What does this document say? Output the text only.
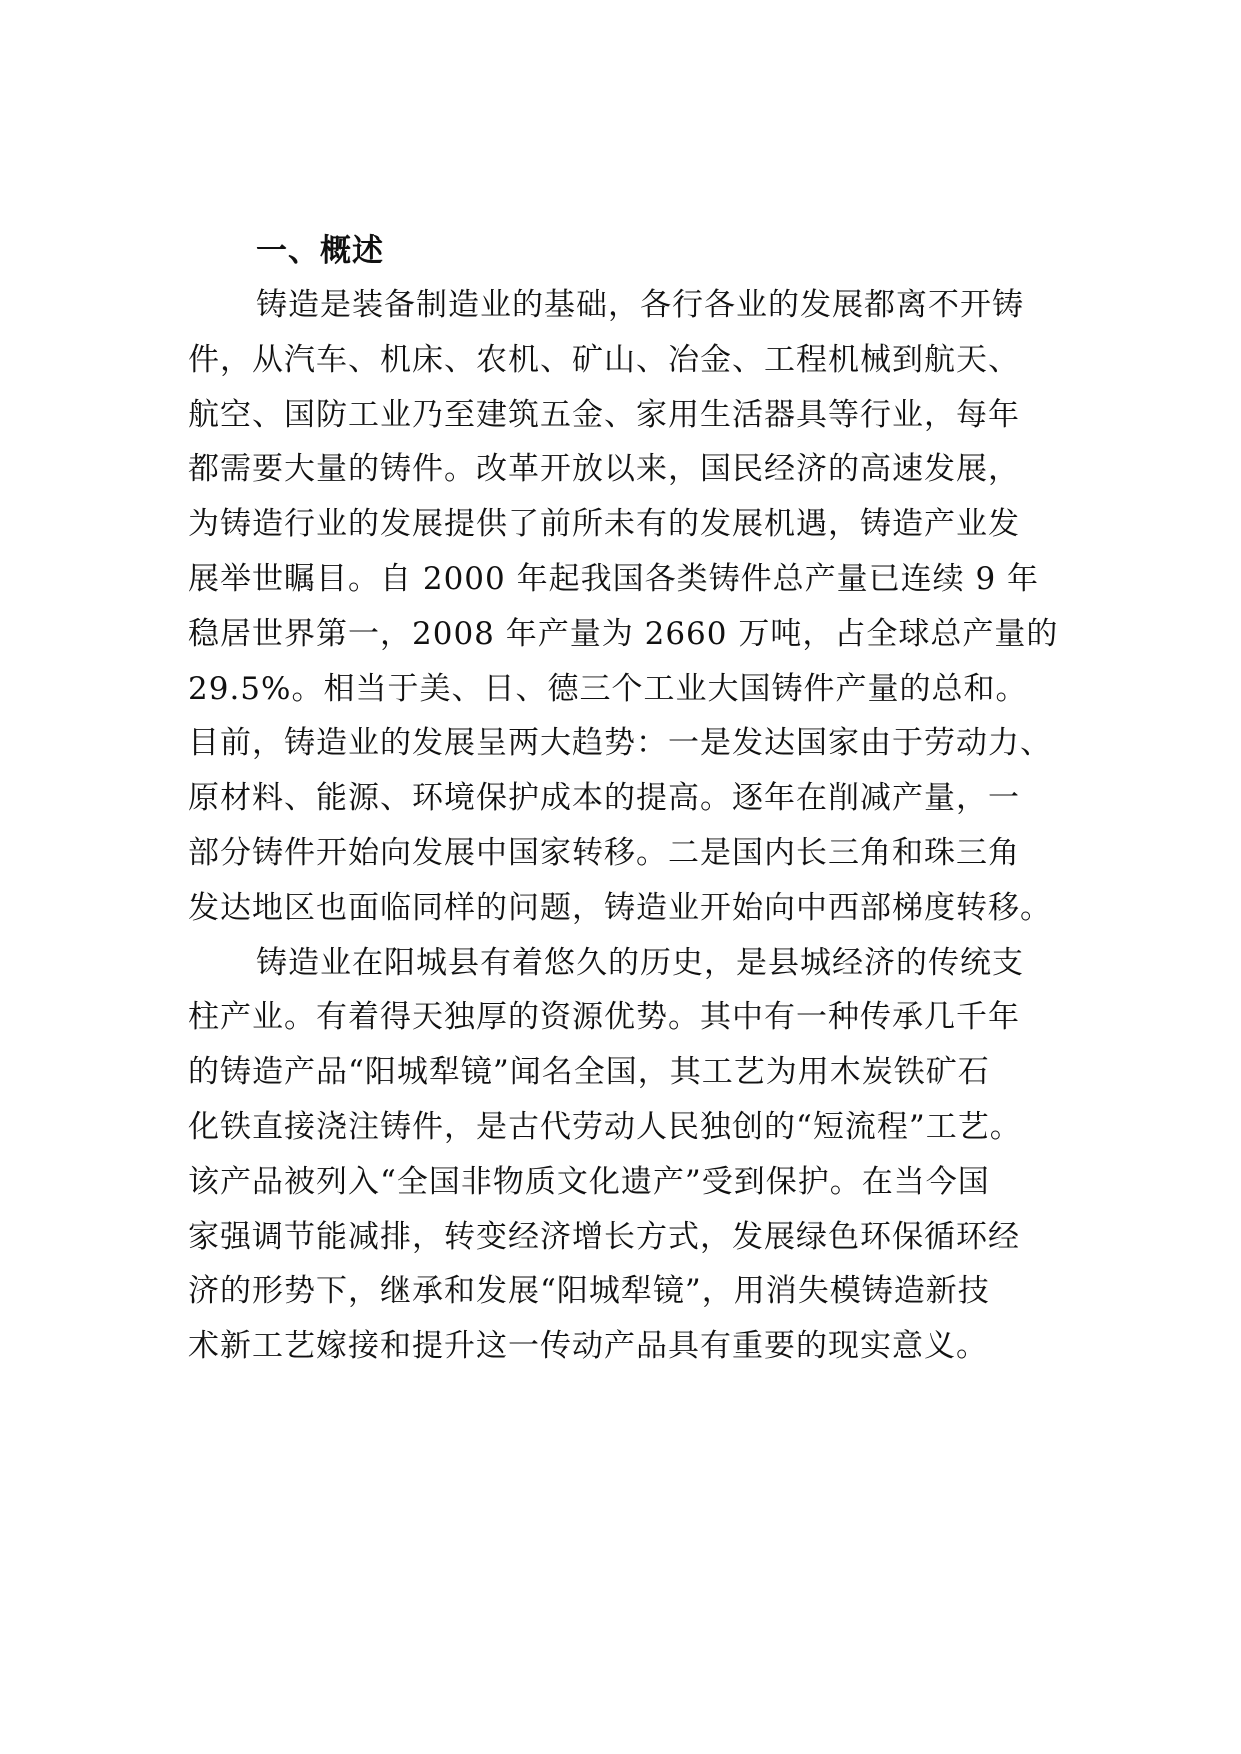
一、概述

铸造是装备制造业的基础，各行各业的发展都离不开铸
件，从汽车、机床、农机、矿山、冶金、工程机械到航天、
航空、国防工业乃至建筑五金、家用生活器具等行业，每年
都需要大量的铸件。改革开放以来，国民经济的高速发展，
为铸造行业的发展提供了前所未有的发展机遇，铸造产业发
展举世瞩目。自 2000 年起我国各类铸件总产量已连续 9 年
稳居世界第一，2008 年产量为 2660 万吨，占全球总产量的
29.5%。相当于美、日、德三个工业大国铸件产量的总和。
目前，铸造业的发展呈两大趋势：一是发达国家由于劳动力、
原材料、能源、环境保护成本的提高。逐年在削减产量，一
部分铸件开始向发展中国家转移。二是国内长三角和珠三角
发达地区也面临同样的问题，铸造业开始向中西部梯度转移。

铸造业在阳城县有着悠久的历史，是县城经济的传统支
柱产业。有着得天独厚的资源优势。其中有一种传承几千年
的铸造产品“阳城犁镜”闻名全国，其工艺为用木炭铁矿石
化铁直接浇注铸件，是古代劳动人民独创的“短流程”工艺。
该产品被列入“全国非物质文化遗产”受到保护。在当今国
家强调节能减排，转变经济增长方式，发展绿色环保循环经
济的形势下，继承和发展“阳城犁镜”，用消失模铸造新技
术新工艺嫁接和提升这一传动产品具有重要的现实意义。
